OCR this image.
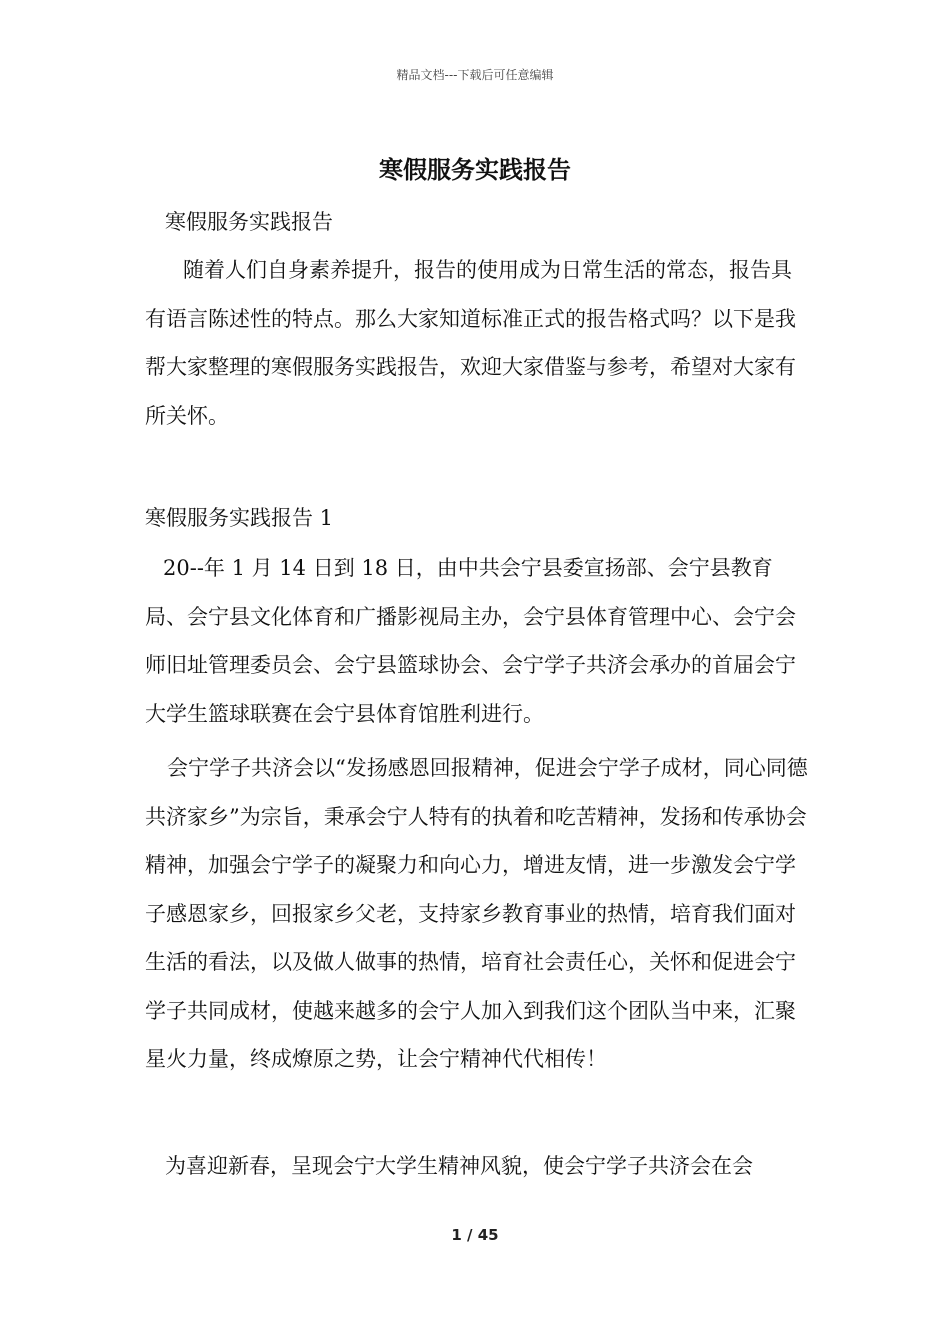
精品文档---下载后可任意编辑
寒假服务实践报告

寒假服务实践报告

随着人们自身素养提升，报告的使用成为日常生活的常态，报告具有语言陈述性的特点。那么大家知道标准正式的报告格式吗？以下是我帮大家整理的寒假服务实践报告，欢迎大家借鉴与参考，希望对大家有所关怀。

寒假服务实践报告 1

20--年 1 月 14 日到 18 日，由中共会宁县委宣扬部、会宁县教育局、会宁县文化体育和广播影视局主办，会宁县体育管理中心、会宁会师旧址管理委员会、会宁县篮球协会、会宁学子共济会承办的首届会宁大学生篮球联赛在会宁县体育馆胜利进行。

会宁学子共济会以“发扬感恩回报精神，促进会宁学子成材，同心同德共济家乡”为宗旨，秉承会宁人特有的执着和吃苦精神，发扬和传承协会精神，加强会宁学子的凝聚力和向心力，增进友情，进一步激发会宁学子感恩家乡，回报家乡父老，支持家乡教育事业的热情，培育我们面对生活的看法，以及做人做事的热情，培育社会责任心，关怀和促进会宁学子共同成材，使越来越多的会宁人加入到我们这个团队当中来，汇聚星火力量，终成燎原之势，让会宁精神代代相传！

为喜迎新春，呈现会宁大学生精神风貌，使会宁学子共济会在会

1 / 45
